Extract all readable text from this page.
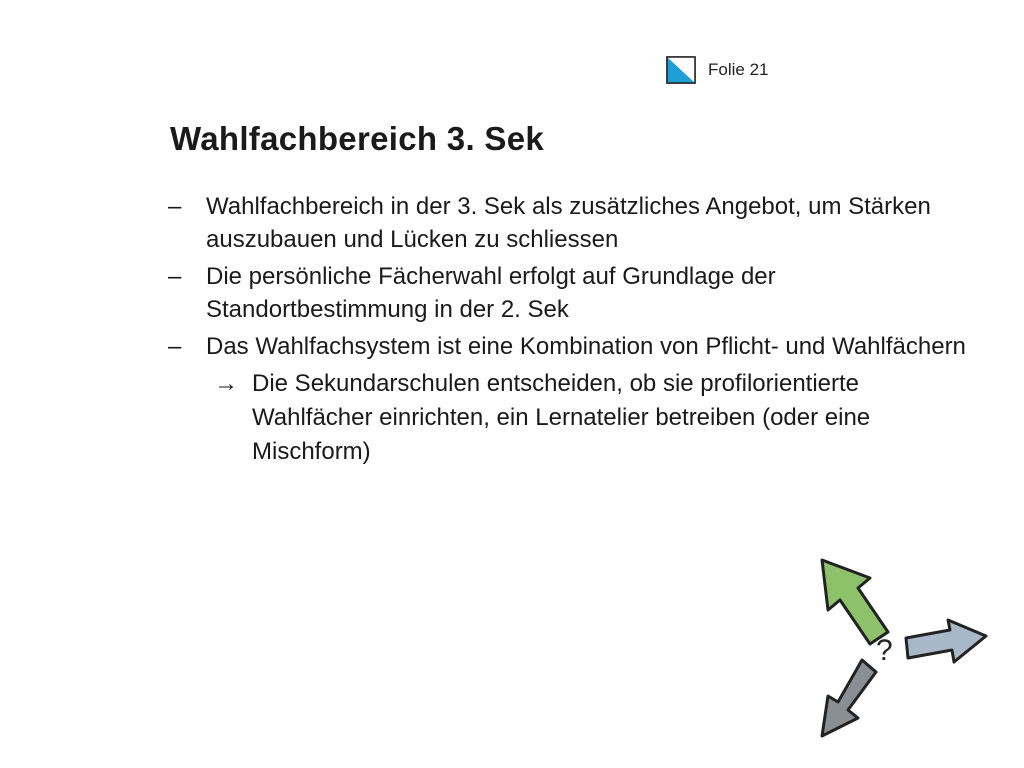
Folie 21
Wahlfachbereich 3. Sek
–	Wahlfachbereich in der 3. Sek als zusätzliches Angebot, um Stärken auszubauen und Lücken zu schliessen
–	Die persönliche Fächerwahl erfolgt auf Grundlage der Standortbestimmung in der 2. Sek
–	Das Wahlfachsystem ist eine Kombination von Pflicht- und Wahlfächern
→ Die Sekundarschulen entscheiden, ob sie profilorientierte Wahlfächer einrichten, ein Lernatelier betreiben (oder eine Mischform)
?
